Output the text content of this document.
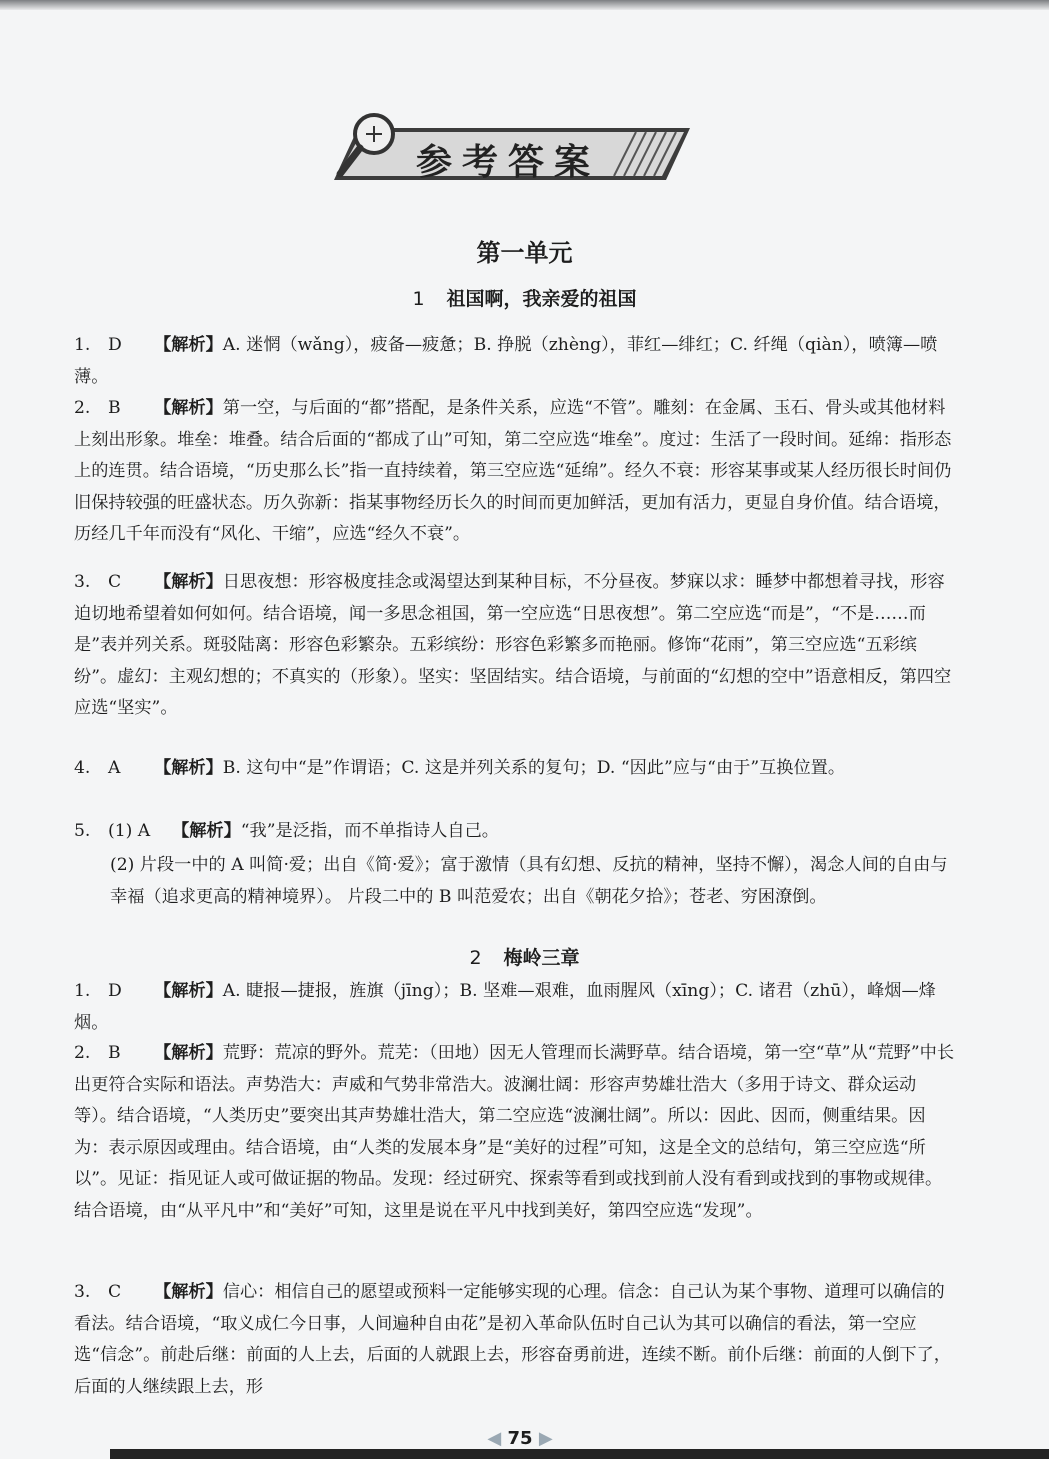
参考答案
第一单元
1 祖国啊，我亲爱的祖国
1. D 【解析】A. 迷惘（wǎng），疲备—疲惫；B. 挣脱（zhèng），菲红—绯红；C. 纤绳（qiàn），喷簿—喷薄。
2. B 【解析】第一空，与后面的“都”搭配，是条件关系，应选“不管”。雕刻：在金属、玉石、骨头或其他材料上刻出形象。堆垒：堆叠。结合后面的“都成了山”可知，第二空应选“堆垒”。度过：生活了一段时间。延绵：指形态上的连贯。结合语境，“历史那么长”指一直持续着，第三空应选“延绵”。经久不衰：形容某事或某人经历很长时间仍旧保持较强的旺盛状态。历久弥新：指某事物经历长久的时间而更加鲜活，更加有活力，更显自身价值。结合语境，历经几千年而没有“风化、干缩”，应选“经久不衰”。
3. C 【解析】日思夜想：形容极度挂念或渴望达到某种目标，不分昼夜。梦寐以求：睡梦中都想着寻找，形容迫切地希望着如何如何。结合语境，闻一多思念祖国，第一空应选“日思夜想”。第二空应选“而是”，“不是……而是”表并列关系。斑驳陆离：形容色彩繁杂。五彩缤纷：形容色彩繁多而艳丽。修饰“花雨”，第三空应选“五彩缤纷”。虚幻：主观幻想的；不真实的（形象）。坚实：坚固结实。结合语境，与前面的“幻想的空中”语意相反，第四空应选“坚实”。
4. A 【解析】B. 这句中“是”作谓语；C. 这是并列关系的复句；D. “因此”应与“由于”互换位置。
5. (1) A 【解析】“我”是泛指，而不单指诗人自己。
(2) 片段一中的 A 叫简·爱；出自《简·爱》；富于激情（具有幻想、反抗的精神，坚持不懈），渴念人间的自由与幸福（追求更高的精神境界）。 片段二中的 B 叫范爱农；出自《朝花夕拾》；苍老、穷困潦倒。
2 梅岭三章
1. D 【解析】A. 睫报—捷报，旌旗（jīng）；B. 坚难—艰难，血雨腥风（xīng）；C. 诸君（zhū），峰烟—烽烟。
2. B 【解析】荒野：荒凉的野外。荒芜：（田地）因无人管理而长满野草。结合语境，第一空“草”从“荒野”中长出更符合实际和语法。声势浩大：声威和气势非常浩大。波澜壮阔：形容声势雄壮浩大（多用于诗文、群众运动等）。结合语境，“人类历史”要突出其声势雄壮浩大，第二空应选“波澜壮阔”。所以：因此、因而，侧重结果。因为：表示原因或理由。结合语境，由“人类的发展本身”是“美好的过程”可知，这是全文的总结句，第三空应选“所以”。见证：指见证人或可做证据的物品。发现：经过研究、探索等看到或找到前人没有看到或找到的事物或规律。结合语境，由“从平凡中”和“美好”可知，这里是说在平凡中找到美好，第四空应选“发现”。
3. C 【解析】信心：相信自己的愿望或预料一定能够实现的心理。信念：自己认为某个事物、道理可以确信的看法。结合语境，“取义成仁今日事，人间遍种自由花”是初入革命队伍时自己认为其可以确信的看法，第一空应选“信念”。前赴后继：前面的人上去，后面的人就跟上去，形容奋勇前进，连续不断。前仆后继：前面的人倒下了，后面的人继续跟上去，形
◀ 75 ▶
